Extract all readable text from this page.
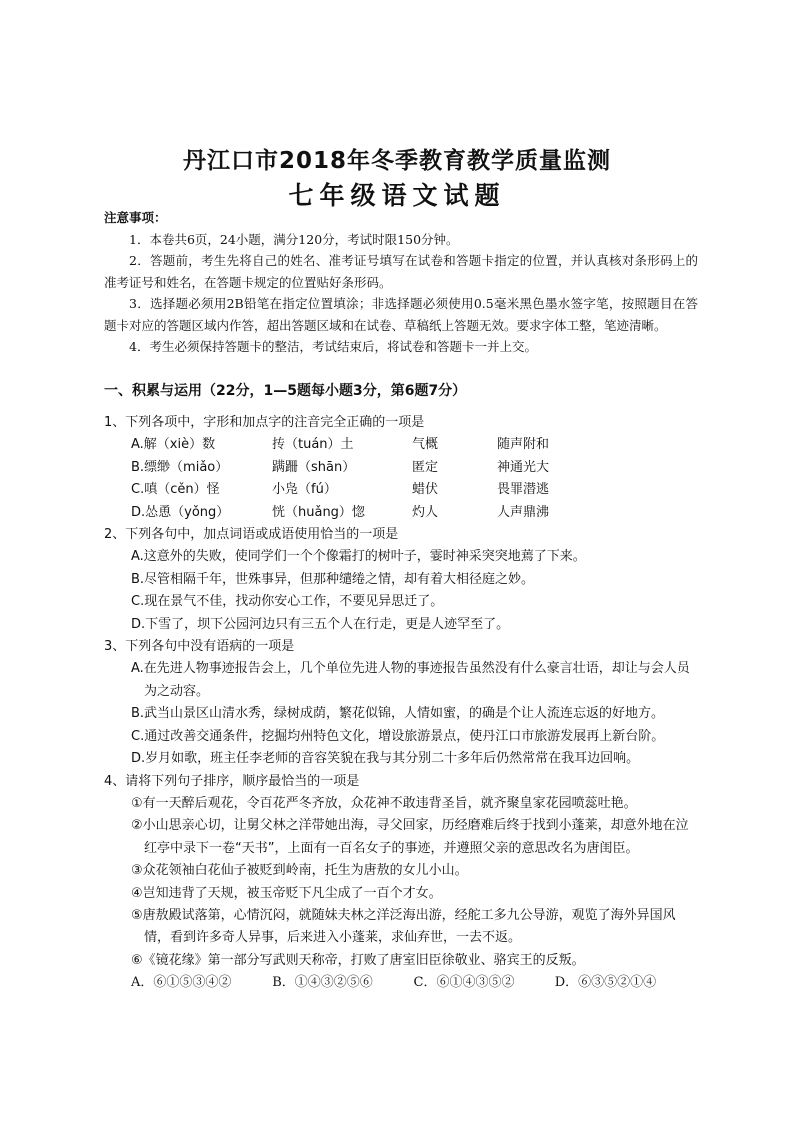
丹江口市2018年冬季教育教学质量监测
七年级语文试题
注意事项：

1．本卷共6页，24小题，满分120分，考试时限150分钟。

2．答题前，考生先将自己的姓名、准考证号填写在试卷和答题卡指定的位置，并认真核对条形码上的准考证号和姓名，在答题卡规定的位置贴好条形码。

3．选择题必须用2B铅笔在指定位置填涂；非选择题必须使用0.5毫米黑色墨水签字笔，按照题目在答题卡对应的答题区域内作答，超出答题区域和在试卷、草稿纸上答题无效。要求字体工整，笔迹清晰。

4．考生必须保持答题卡的整洁，考试结束后，将试卷和答题卡一并上交。

一、积累与运用（22分，1—5题每小题3分，第6题7分）

1、下列各项中，字形和加点字的注音完全正确的一项是

A.解（xiè）数	抟（tuán）土	气概	随声附和
B.缥缈（miǎo）	蹒跚（shān）	匿定	神通光大
C.嗔（cěn）怪	小凫（fú）	蜡伏	畏罪潜逃
D.怂恿（yǒng）	恍（huǎng）惚	灼人	人声鼎沸

2、下列各句中，加点词语或成语使用恰当的一项是

A.这意外的失败，使同学们一个个像霜打的树叶子，霎时神采突突地蔫了下来。

B.尽管相隔千年，世殊事异，但那种缱绻之情，却有着大相径庭之妙。

C.现在景气不佳，找动你安心工作，不要见异思迁了。

D.下雪了，坝下公园河边只有三五个人在行走，更是人迹罕至了。

3、下列各句中没有语病的一项是

A.在先进人物事迹报告会上，几个单位先进人物的事迹报告虽然没有什么豪言壮语，却让与会人员为之动容。

B.武当山景区山清水秀，绿树成荫，繁花似锦，人情如蜜，的确是个让人流连忘返的好地方。

C.通过改善交通条件，挖掘均州特色文化，增设旅游景点，使丹江口市旅游发展再上新台阶。

D.岁月如歌，班主任李老师的音容笑貌在我与其分别二十多年后仍然常常在我耳边回响。

4、请将下列句子排序，顺序最恰当的一项是

①有一天醉后观花，令百花严冬齐放，众花神不敢违背圣旨，就齐聚皇家花园喷蕊吐艳。

②小山思亲心切，让舅父林之洋带她出海，寻父回家，历经磨难后终于找到小蓬莱，却意外地在泣红亭中录下一卷“天书”，上面有一百名女子的事迹，并遵照父亲的意思改名为唐闺臣。

③众花领袖白花仙子被贬到岭南，托生为唐敖的女儿小山。

④岂知违背了天规，被玉帝贬下凡尘成了一百个才女。

⑤唐敖殿试落第，心情沉闷，就随妹夫林之洋泛海出游，经舵工多九公导游，观览了海外异国风情，看到许多奇人异事，后来进入小蓬莱，求仙弃世，一去不返。

⑥《镜花缘》第一部分写武则天称帝，打败了唐室旧臣徐敬业、骆宾王的反叛。

A．⑥①⑤③④②	B．①④③②⑤⑥	C．⑥①④③⑤②	D．⑥③⑤②①④
